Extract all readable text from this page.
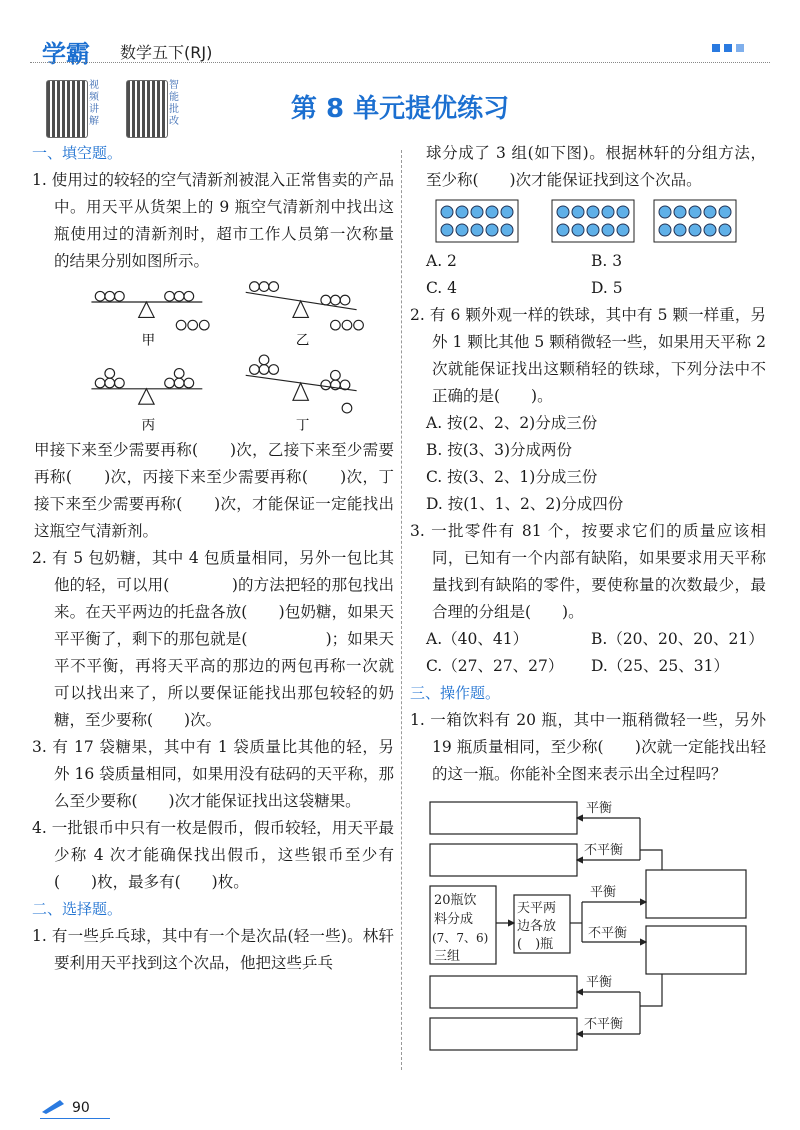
学霸 数学五下(RJ)
视频讲解
智能批改	第 8 单元提优练习
一、填空题。
1. 使用过的较轻的空气清新剂被混入正常售卖的产品中。用天平从货架上的 9 瓶空气清新剂中找出这瓶使用过的清新剂时，超市工作人员第一次称量的结果分别如图所示。
甲	乙
丙	丁
甲接下来至少需要再称(　　)次，乙接下来至少需要再称(　　)次，丙接下来至少需要再称(　　)次，丁接下来至少需要再称(　　)次，才能保证一定能找出这瓶空气清新剂。
2. 有 5 包奶糖，其中 4 包质量相同，另外一包比其他的轻，可以用(　　　　)的方法把轻的那包找出来。在天平两边的托盘各放(　　)包奶糖，如果天平平衡了，剩下的那包就是(　　　　　)；如果天平不平衡，再将天平高的那边的两包再称一次就可以找出来了，所以要保证能找出那包较轻的奶糖，至少要称(　　)次。
3. 有 17 袋糖果，其中有 1 袋质量比其他的轻，另外 16 袋质量相同，如果用没有砝码的天平称，那么至少要称(　　)次才能保证找出这袋糖果。
4. 一批银币中只有一枚是假币，假币较轻，用天平最少称 4 次才能确保找出假币，这些银币至少有(　　)枚，最多有(　　)枚。
二、选择题。
1. 有一些乒乓球，其中有一个是次品(轻一些)。林轩要利用天平找到这个次品，他把这些乒乓
球分成了 3 组(如下图)。根据林轩的分组方法，至少称(　　)次才能保证找到这个次品。
A. 2	B. 3
C. 4	D. 5
2. 有 6 颗外观一样的铁球，其中有 5 颗一样重，另外 1 颗比其他 5 颗稍微轻一些，如果用天平称 2 次就能保证找出这颗稍轻的铁球，下列分法中不正确的是(　　)。
A. 按(2、2、2)分成三份
B. 按(3、3)分成两份
C. 按(3、2、1)分成三份
D. 按(1、1、2、2)分成四份
3. 一批零件有 81 个，按要求它们的质量应该相同，已知有一个内部有缺陷，如果要求用天平称量找到有缺陷的零件，要使称量的次数最少，最合理的分组是(　　)。
A.（40、41）	B.（20、20、20、21）
C.（27、27、27）	D.（25、25、31）
三、操作题。
1. 一箱饮料有 20 瓶，其中一瓶稍微轻一些，另外 19 瓶质量相同，至少称(　　)次就一定能找出轻的这一瓶。你能补全图来表示出全过程吗？
平衡
不平衡
平衡
不平衡
平衡
不平衡
20瓶饮
料分成
(7、7、6)
三组
天平两
边各放
(　)瓶
90
